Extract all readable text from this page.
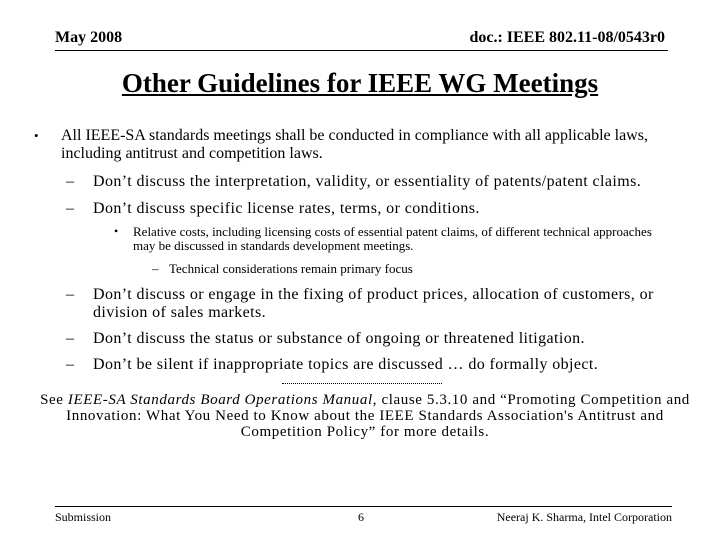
May 2008	doc.: IEEE 802.11-08/0543r0
Other Guidelines for IEEE WG Meetings
• All IEEE-SA standards meetings shall be conducted in compliance with all applicable laws, including antitrust and competition laws.
– Don’t discuss the interpretation, validity, or essentiality of patents/patent claims.
– Don’t discuss specific license rates, terms, or conditions.
• Relative costs, including licensing costs of essential patent claims, of different technical approaches may be discussed in standards development meetings.
– Technical considerations remain primary focus
– Don’t discuss or engage in the fixing of product prices, allocation of customers, or division of sales markets.
– Don’t discuss the status or substance of ongoing or threatened litigation.
– Don’t be silent if inappropriate topics are discussed … do formally object.
See IEEE-SA Standards Board Operations Manual, clause 5.3.10 and “Promoting Competition and Innovation: What You Need to Know about the IEEE Standards Association's Antitrust and Competition Policy” for more details.
Submission	6	Neeraj K. Sharma, Intel Corporation
